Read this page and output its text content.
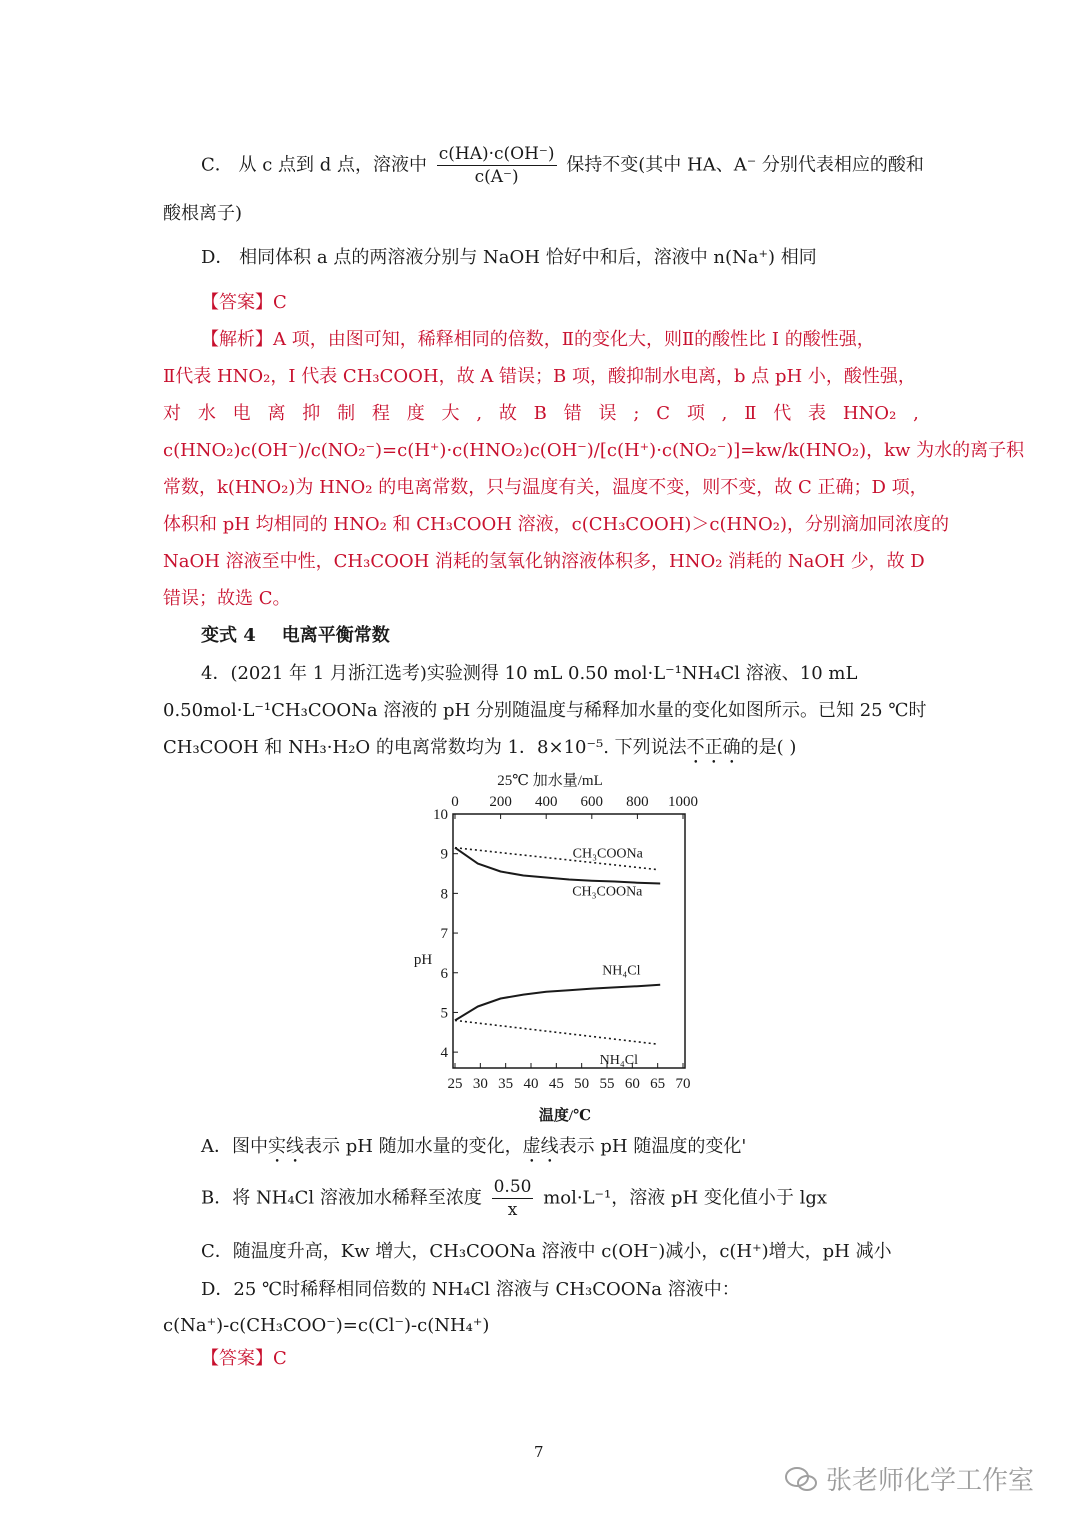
C． 从 c 点到 d 点，溶液中 $\frac{c(HA)\cdot c(OH^-)}{c(A^-)}$ 保持不变(其中 HA、A⁻ 分别代表相应的酸和
酸根离子)
D． 相同体积 a 点的两溶液分别与 NaOH 恰好中和后，溶液中 n(Na⁺) 相同
【答案】C
【解析】A 项，由图可知，稀释相同的倍数，Ⅱ的变化大，则Ⅱ的酸性比 I 的酸性强，
Ⅱ代表 HNO₂，I 代表 CH₃COOH，故 A 错误；B 项，酸抑制水电离，b 点 pH 小，酸性强，
对 水 电 离 抑 制 程 度 大 , 故 B 错 误 ; C 项 , Ⅱ 代 表 HNO₂ ,
c(HNO₂)c(OH⁻)/c(NO₂⁻)=c(H⁺)·c(HNO₂)c(OH⁻)/[c(H⁺)·c(NO₂⁻)]=kw/k(HNO₂)，kw 为水的离子积
常数，k(HNO₂)为 HNO₂ 的电离常数，只与温度有关，温度不变，则不变，故 C 正确；D 项，
体积和 pH 均相同的 HNO₂ 和 CH₃COOH 溶液，c(CH₃COOH)＞c(HNO₂)，分别滴加同浓度的
NaOH 溶液至中性，CH₃COOH 消耗的氢氧化钠溶液体积多，HNO₂ 消耗的 NaOH 少，故 D
错误；故选 C。
变式 4 电离平衡常数
4．(2021 年 1 月浙江选考)实验测得 10 mL 0.50 mol·L⁻¹NH₄Cl 溶液、10 mL
0.50mol·L⁻¹CH₃COONa 溶液的 pH 分别随温度与稀释加水量的变化如图所示。已知 25 ℃时
CH₃COOH 和 NH₃·H₂O 的电离常数均为 1．8×10⁻⁵. 下列说法不正确的是( )
25℃ 加水量/mL
0 200 400 600 800 1000
4
5
6
7
8
9
10
25 30 35 40 45 50 55 60 65 70
pH
温度/℃
CH₃COONa
CH₃COONa
NH₄Cl
NH₄Cl
A．图中实线表示 pH 随加水量的变化，虚线表示 pH 随温度的变化'
B．将 NH₄Cl 溶液加水稀释至浓度 $\frac{0.50}{x} mol\cdot L^{-1}$，溶液 pH 变化值小于 lgx
C．随温度升高，Kw 增大，CH₃COONa 溶液中 c(OH⁻)减小，c(H⁺)增大，pH 减小
D．25 ℃时稀释相同倍数的 NH₄Cl 溶液与 CH₃COONa 溶液中：
c(Na⁺)-c(CH₃COO⁻)=c(Cl⁻)-c(NH₄⁺)
【答案】C
7
张老师化学工作室
